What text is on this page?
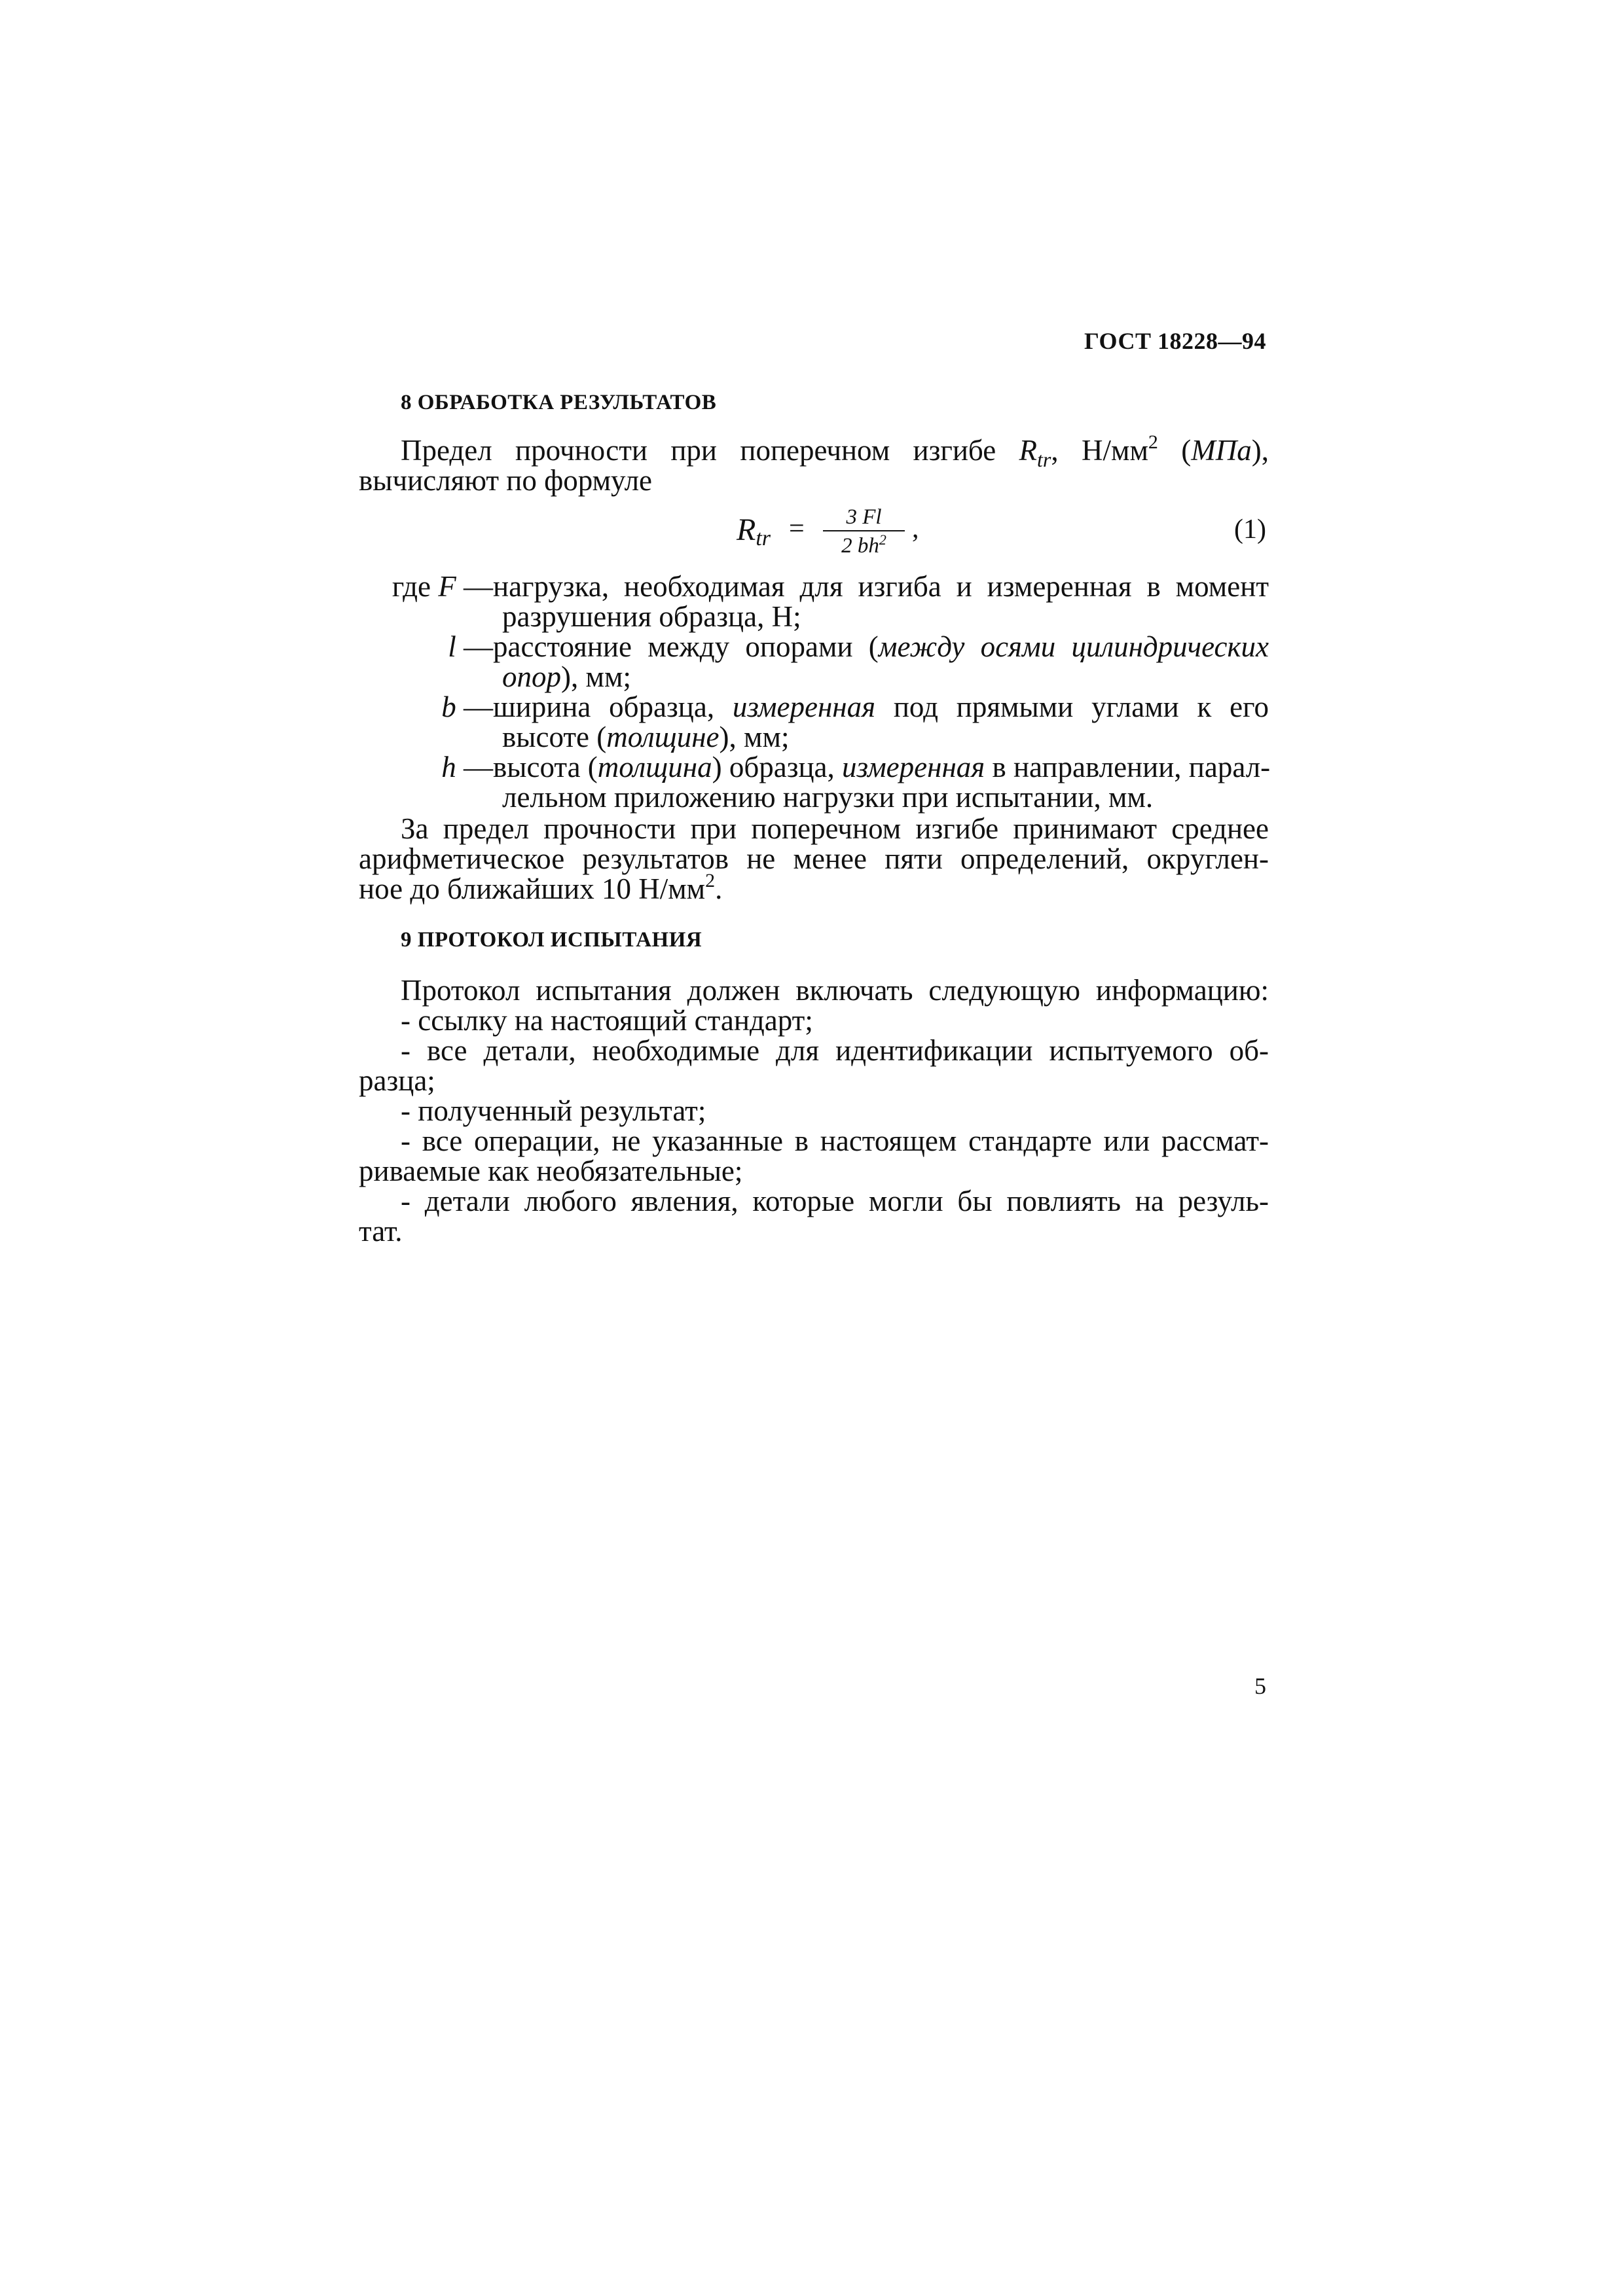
ГОСТ 18228—94
8 ОБРАБОТКА РЕЗУЛЬТАТОВ
Предел прочности при поперечном изгибе $R_{tr}$, $Н/мм^2$ (МПа),
вычисляют по формуле
$R_{tr} = \frac{3 Fl}{2 bh^2}$ ,	(1)
где F — нагрузка, необходимая для изгиба и измеренная в момент
разрушения образца, Н;
l — расстояние между опорами (между осями цилиндрических
опор), мм;
b — ширина образца, измеренная под прямыми углами к его
высоте (толщине), мм;
h — высота (толщина) образца, измеренная в направлении, парал-
лельном приложению нагрузки при испытании, мм.
За предел прочности при поперечном изгибе принимают среднее
арифметическое результатов не менее пяти определений, округлен-
ное до ближайших 10 $Н/мм^2$.
9 ПРОТОКОЛ ИСПЫТАНИЯ
Протокол испытания должен включать следующую информацию:
- ссылку на настоящий стандарт;
- все детали, необходимые для идентификации испытуемого об-
разца;
- полученный результат;
- все операции, не указанные в настоящем стандарте или рассмат-
риваемые как необязательные;
- детали любого явления, которые могли бы повлиять на резуль-
тат.
5
